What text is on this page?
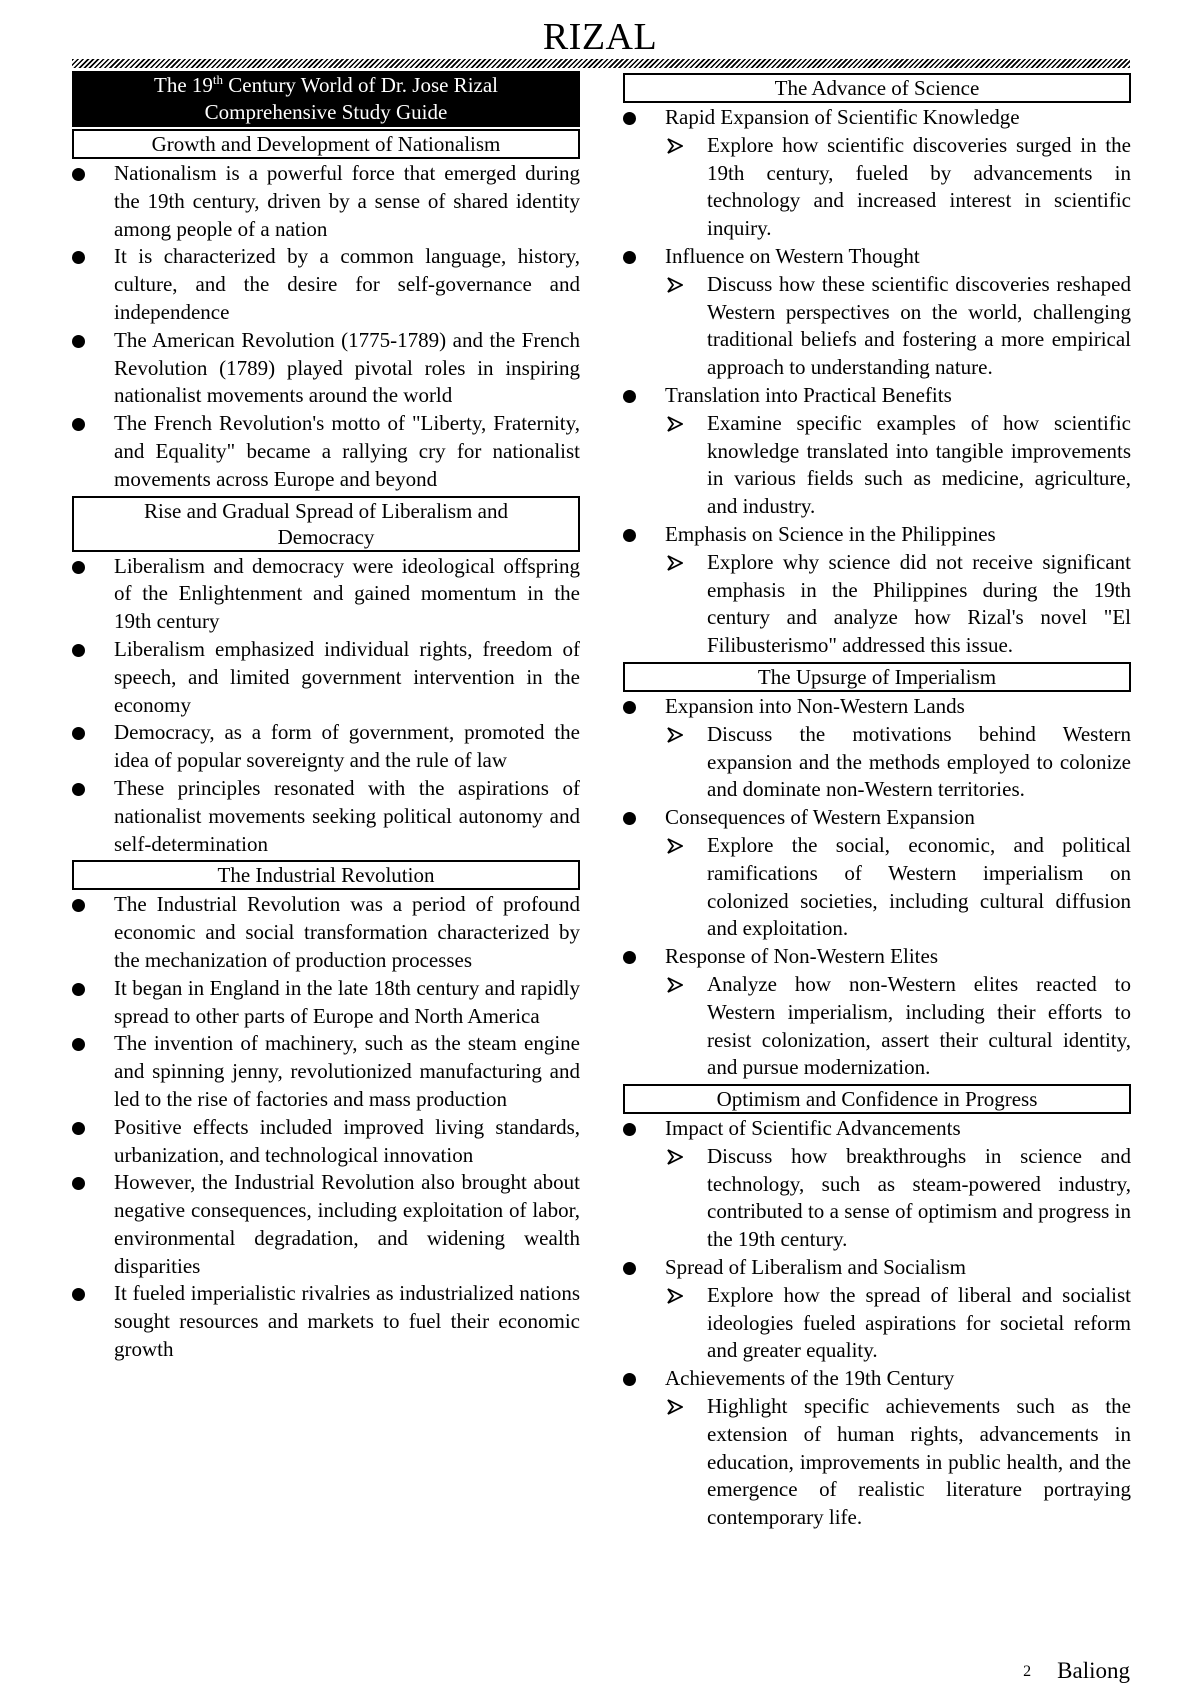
RIZAL
The 19th Century World of Dr. Jose Rizal
Comprehensive Study Guide
Growth and Development of Nationalism
Nationalism is a powerful force that emerged during the 19th century, driven by a sense of shared identity among people of a nation
It is characterized by a common language, history, culture, and the desire for self-governance and independence
The American Revolution (1775-1789) and the French Revolution (1789) played pivotal roles in inspiring nationalist movements around the world
The French Revolution's motto of "Liberty, Fraternity, and Equality" became a rallying cry for nationalist movements across Europe and beyond
Rise and Gradual Spread of Liberalism and
Democracy
Liberalism and democracy were ideological offspring of the Enlightenment and gained momentum in the 19th century
Liberalism emphasized individual rights, freedom of speech, and limited government intervention in the economy
Democracy, as a form of government, promoted the idea of popular sovereignty and the rule of law
These principles resonated with the aspirations of nationalist movements seeking political autonomy and self-determination
The Industrial Revolution
The Industrial Revolution was a period of profound economic and social transformation characterized by the mechanization of production processes
It began in England in the late 18th century and rapidly spread to other parts of Europe and North America
The invention of machinery, such as the steam engine and spinning jenny, revolutionized manufacturing and led to the rise of factories and mass production
Positive effects included improved living standards, urbanization, and technological innovation
However, the Industrial Revolution also brought about negative consequences, including exploitation of labor, environmental degradation, and widening wealth disparities
It fueled imperialistic rivalries as industrialized nations sought resources and markets to fuel their economic growth
The Advance of Science
Rapid Expansion of Scientific Knowledge
Explore how scientific discoveries surged in the 19th century, fueled by advancements in technology and increased interest in scientific inquiry.
Influence on Western Thought
Discuss how these scientific discoveries reshaped Western perspectives on the world, challenging traditional beliefs and fostering a more empirical approach to understanding nature.
Translation into Practical Benefits
Examine specific examples of how scientific knowledge translated into tangible improvements in various fields such as medicine, agriculture, and industry.
Emphasis on Science in the Philippines
Explore why science did not receive significant emphasis in the Philippines during the 19th century and analyze how Rizal's novel "El Filibusterismo" addressed this issue.
The Upsurge of Imperialism
Expansion into Non-Western Lands
Discuss the motivations behind Western expansion and the methods employed to colonize and dominate non-Western territories.
Consequences of Western Expansion
Explore the social, economic, and political ramifications of Western imperialism on colonized societies, including cultural diffusion and exploitation.
Response of Non-Western Elites
Analyze how non-Western elites reacted to Western imperialism, including their efforts to resist colonization, assert their cultural identity, and pursue modernization.
Optimism and Confidence in Progress
Impact of Scientific Advancements
Discuss how breakthroughs in science and technology, such as steam-powered industry, contributed to a sense of optimism and progress in the 19th century.
Spread of Liberalism and Socialism
Explore how the spread of liberal and socialist ideologies fueled aspirations for societal reform and greater equality.
Achievements of the 19th Century
Highlight specific achievements such as the extension of human rights, advancements in education, improvements in public health, and the emergence of realistic literature portraying contemporary life.
2 Baliong
